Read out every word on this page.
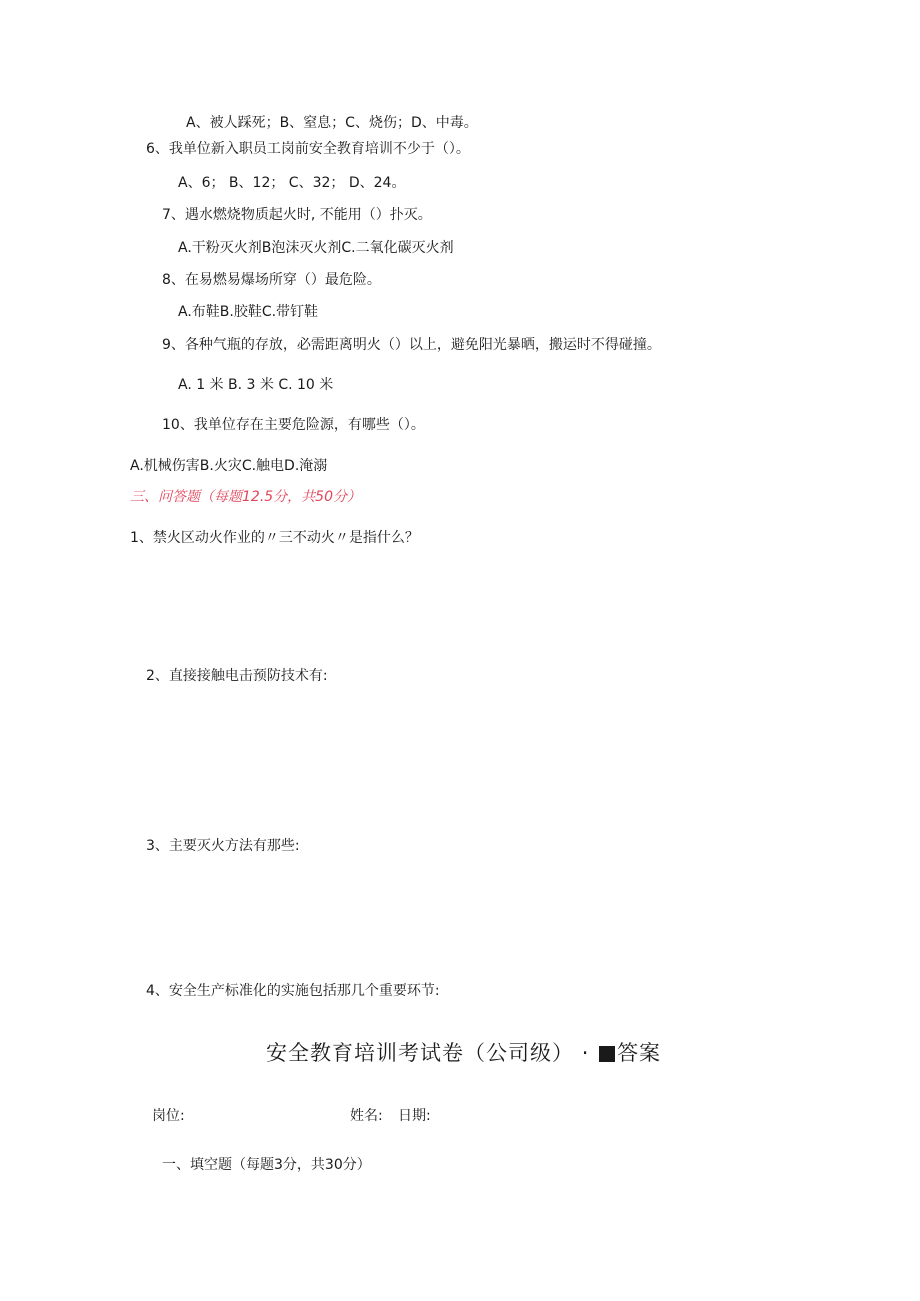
A、被人踩死；B、窒息；C、烧伤；D、中毒。
6、我单位新入职员工岗前安全教育培训不少于（）。
A、6； B、12； C、32； D、24。
7、遇水燃烧物质起火时, 不能用（）扑灭。
A.干粉灭火剂B泡沫灭火剂C.二氧化碳灭火剂
8、在易燃易爆场所穿（）最危险。
A.布鞋B.胶鞋C.带钉鞋
9、各种气瓶的存放，必需距离明火（）以上，避免阳光暴晒，搬运时不得碰撞。
A. 1 米 B. 3 米 C. 10 米
10、我单位存在主要危险源，有哪些（）。
A.机械伤害B.火灾C.触电D.淹溺
三、问答题（每题12.5分，共50分）
1、禁火区动火作业的〃三不动火〃是指什么？
2、直接接触电击预防技术有:
3、主要灭火方法有那些:
4、安全生产标准化的实施包括那几个重要环节:
安全教育培训考试卷（公司级） · 答案
岗位:	姓名: 日期:
一、填空题（每题3分，共30分）
